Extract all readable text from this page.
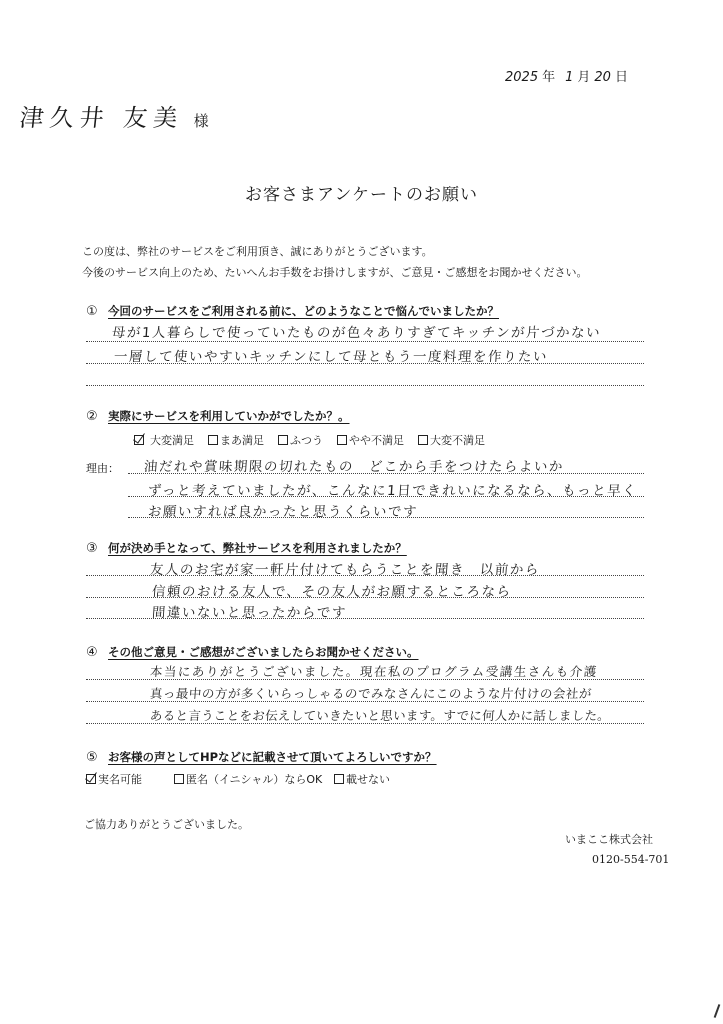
2025 年 1 月 20 日
津久井 友美 様
お客さまアンケートのお願い
この度は、弊社のサービスをご利用頂き、誠にありがとうございます。
今後のサービス向上のため、たいへんお手数をお掛けしますが、ご意見・ご感想をお聞かせください。
① 今回のサービスをご利用される前に、どのようなことで悩んでいましたか？
母が1人暮らしで使っていたものが色々ありすぎてキッチンが片づかない
一層して使いやすいキッチンにして母ともう一度料理を作りたい
② 実際にサービスを利用していかがでしたか？。
大変満足 まあ満足 ふつう やや不満足 大変不満足
理由： 油だれや賞味期限の切れたもの　どこから手をつけたらよいか
ずっと考えていましたが、こんなに1日できれいになるなら、もっと早く
お願いすれば良かったと思うくらいです
③ 何が決め手となって、弊社サービスを利用されましたか？
友人のお宅が家一軒片付けてもらうことを聞き　以前から
信頼のおける友人で、その友人がお願するところなら
間違いないと思ったからです
④ その他ご意見・ご感想がございましたらお聞かせください。
本当にありがとうございました。現在私のプログラム受講生さんも介護
真っ最中の方が多くいらっしゃるのでみなさんにこのような片付けの会社が
あると言うことをお伝えしていきたいと思います。すでに何人かに話しました。
⑤ お客様の声としてHPなどに記載させて頂いてよろしいですか？
実名可能	匿名（イニシャル）ならOK 載せない
ご協力ありがとうございました。
いまここ株式会社
0120-554-701
